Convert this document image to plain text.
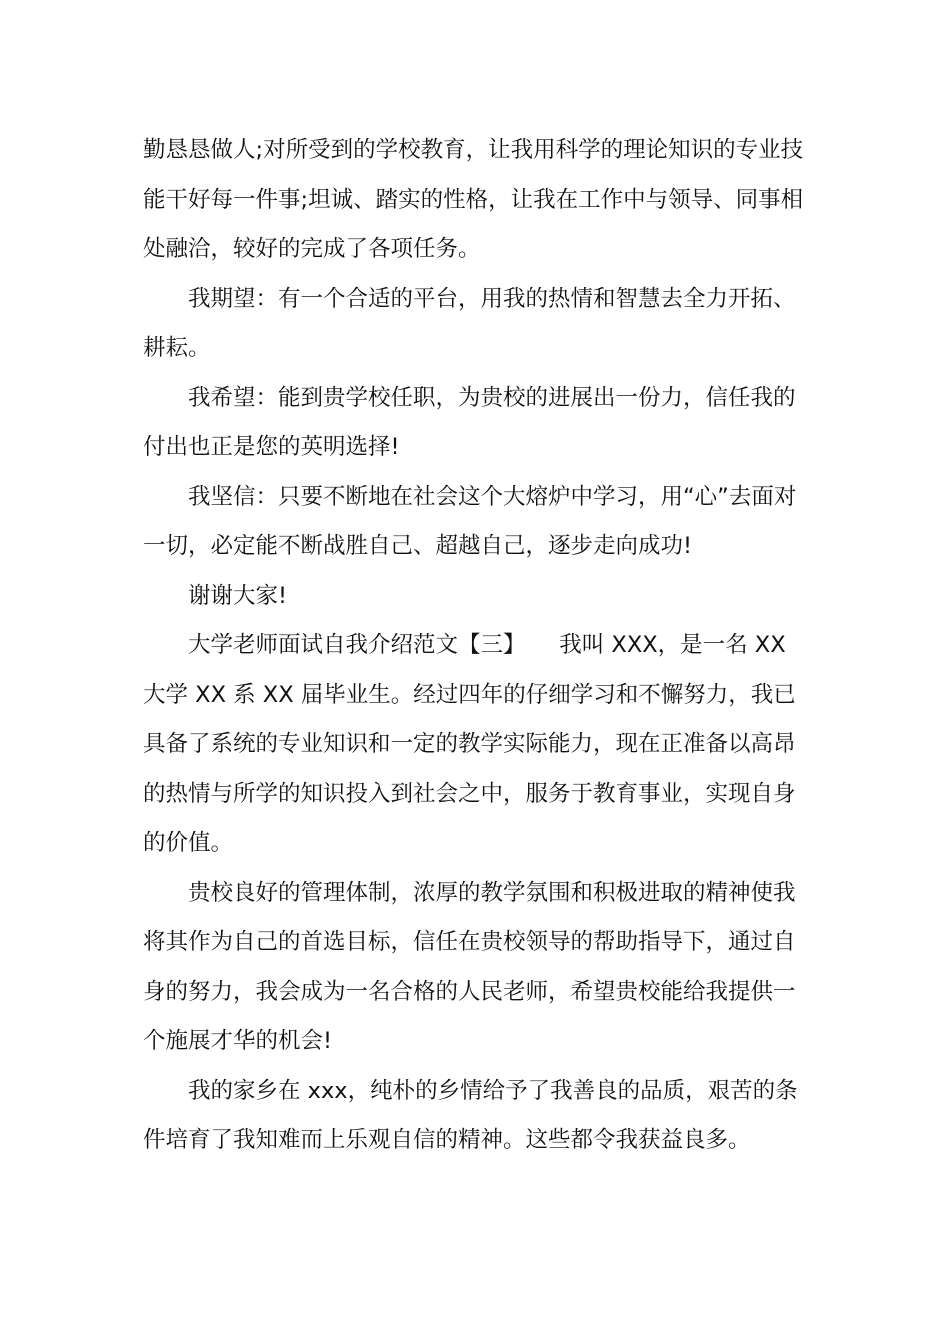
勤恳恳做人;对所受到的学校教育，让我用科学的理论知识的专业技能干好每一件事;坦诚、踏实的性格，让我在工作中与领导、同事相处融洽，较好的完成了各项任务。

我期望：有一个合适的平台，用我的热情和智慧去全力开拓、耕耘。

我希望：能到贵学校任职，为贵校的进展出一份力，信任我的付出也正是您的英明选择!

我坚信：只要不断地在社会这个大熔炉中学习，用“心”去面对一切，必定能不断战胜自己、超越自己，逐步走向成功!

谢谢大家!

大学老师面试自我介绍范文【三】　　我叫 XXX，是一名 XX 大学 XX 系 XX 届毕业生。经过四年的仔细学习和不懈努力，我已具备了系统的专业知识和一定的教学实际能力，现在正准备以高昂的热情与所学的知识投入到社会之中，服务于教育事业，实现自身的价值。

贵校良好的管理体制，浓厚的教学氛围和积极进取的精神使我将其作为自己的首选目标，信任在贵校领导的帮助指导下，通过自身的努力，我会成为一名合格的人民老师，希望贵校能给我提供一个施展才华的机会!

我的家乡在 xxx，纯朴的乡情给予了我善良的品质，艰苦的条件培育了我知难而上乐观自信的精神。这些都令我获益良多。
